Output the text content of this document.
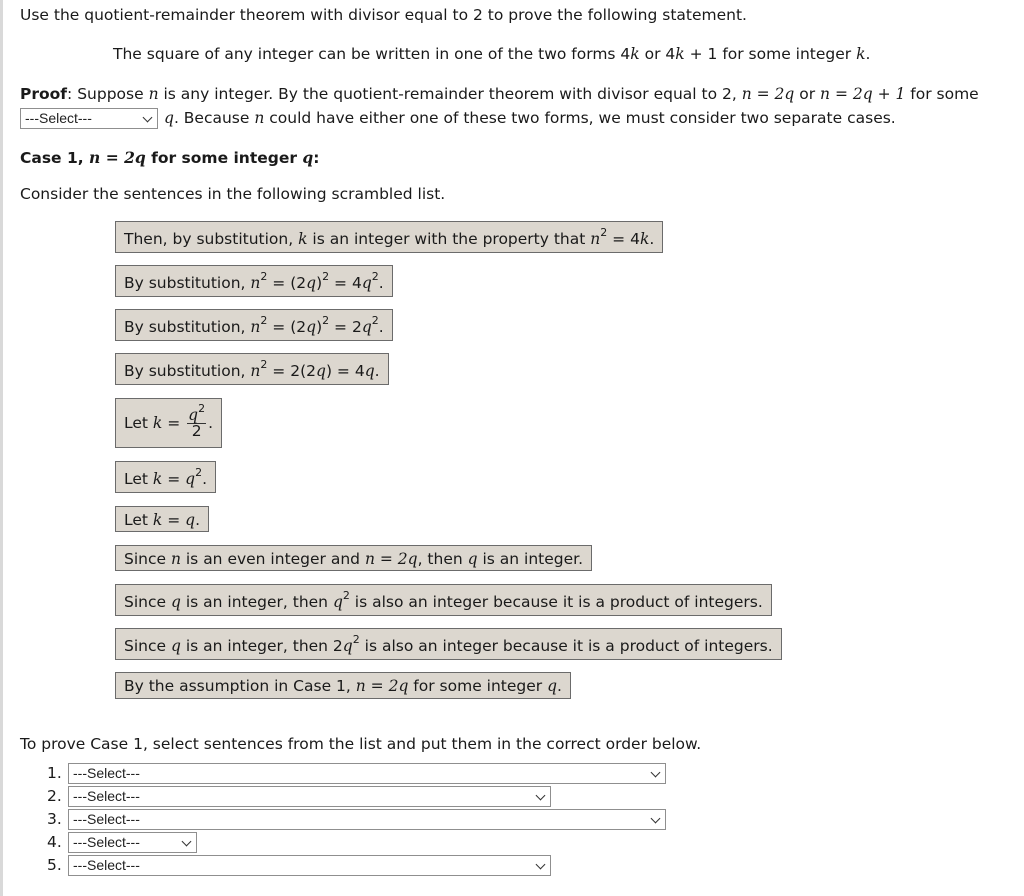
Use the quotient-remainder theorem with divisor equal to 2 to prove the following statement.
The square of any integer can be written in one of the two forms 4k or 4k + 1 for some integer k.
Proof: Suppose n is any integer. By the quotient-remainder theorem with divisor equal to 2, n = 2q or n = 2q + 1 for some
---Select---	q. Because n could have either one of these two forms, we must consider two separate cases.
Case 1, n = 2q for some integer q:
Consider the sentences in the following scrambled list.
Then, by substitution, k is an integer with the property that $n^2 = 4k$.
By substitution, $n^2 = (2q)^2 = 4q^2$.
By substitution, $n^2 = (2q)^2 = 2q^2$.
By substitution, $n^2 = 2(2q) = 4q$.
Let $k = \frac{q^2}{2}$ .
Let $k = q^2$.
Let k = q.
Since n is an even integer and n = 2q, then q is an integer.
Since q is an integer, then $q^2$ is also an integer because it is a product of integers.
Since q is an integer, then $2q^2$ is also an integer because it is a product of integers.
By the assumption in Case 1, n = 2q for some integer q.
To prove Case 1, select sentences from the list and put them in the correct order below.
1. ---Select---
2. ---Select---
3. ---Select---
4. ---Select---
5. ---Select---
